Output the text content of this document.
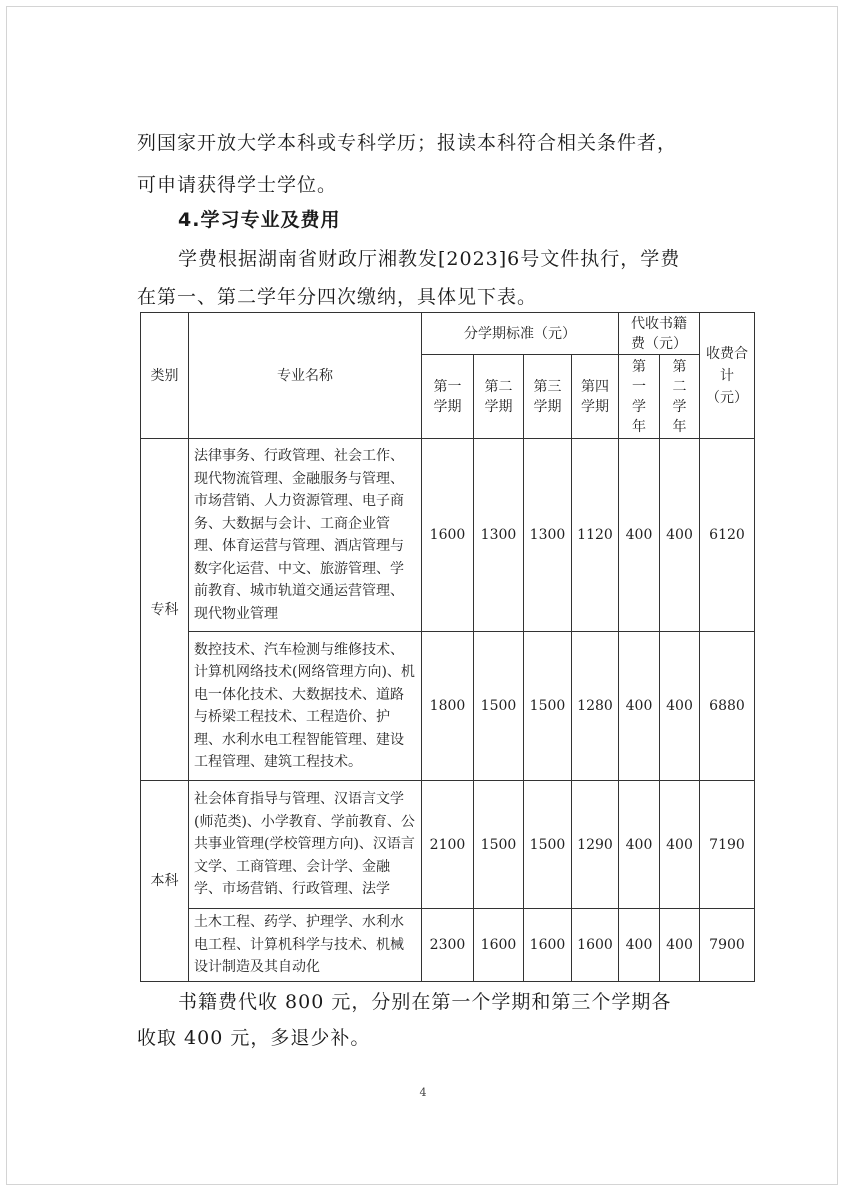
列国家开放大学本科或专科学历；报读本科符合相关条件者，
可申请获得学士学位。
4.学习专业及费用
学费根据湖南省财政厅湘教发[2023]6号文件执行，学费
在第一、第二学年分四次缴纳，具体见下表。
类别	专业名称	分学期标准（元）				代收书籍费（元）		收费合计（元）
		第一学期	第二学期	第三学期	第四学期	第一学年	第二学年	
专科	法律事务、行政管理、社会工作、现代物流管理、金融服务与管理、市场营销、人力资源管理、电子商务、大数据与会计、工商企业管理、体育运营与管理、酒店管理与数字化运营、中文、旅游管理、学前教育、城市轨道交通运营管理、现代物业管理	1600	1300	1300	1120	400	400	6120
	数控技术、汽车检测与维修技术、计算机网络技术(网络管理方向)、机电一体化技术、大数据技术、道路与桥梁工程技术、工程造价、护理、水利水电工程智能管理、建设工程管理、建筑工程技术。	1800	1500	1500	1280	400	400	6880
本科	社会体育指导与管理、汉语言文学(师范类)、小学教育、学前教育、公共事业管理(学校管理方向)、汉语言文学、工商管理、会计学、金融学、市场营销、行政管理、法学	2100	1500	1500	1290	400	400	7190
	土木工程、药学、护理学、水利水电工程、计算机科学与技术、机械设计制造及其自动化	2300	1600	1600	1600	400	400	7900
书籍费代收 800 元，分别在第一个学期和第三个学期各
收取 400 元，多退少补。
4
